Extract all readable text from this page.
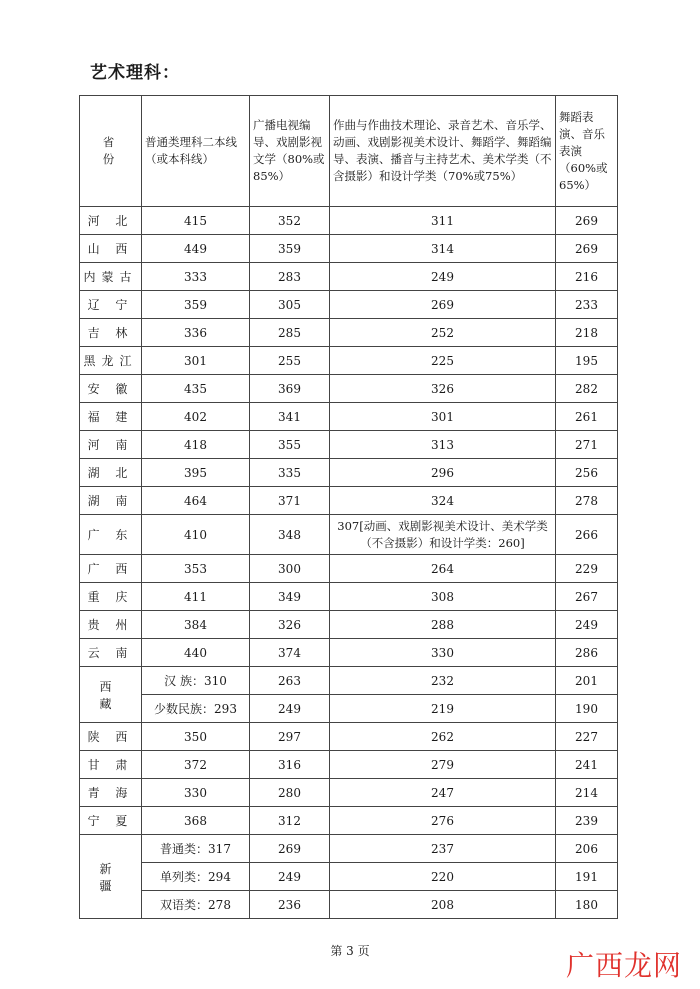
艺术理科：
省 份	普通类理科二本线（或本科线）	广播电视编导、戏剧影视文学（80%或85%）	作曲与作曲技术理论、录音艺术、音乐学、动画、戏剧影视美术设计、舞蹈学、舞蹈编导、表演、播音与主持艺术、美术学类（不含摄影）和设计学类（70%或75%）	舞蹈表演、音乐表演（60%或65%）
河 北	415	352	311	269
山 西	449	359	314	269
内蒙古	333	283	249	216
辽 宁	359	305	269	233
吉 林	336	285	252	218
黑龙江	301	255	225	195
安 徽	435	369	326	282
福 建	402	341	301	261
河 南	418	355	313	271
湖 北	395	335	296	256
湖 南	464	371	324	278
广 东	410	348	307[动画、戏剧影视美术设计、美术学类（不含摄影）和设计学类：260]	266
广 西	353	300	264	229
重 庆	411	349	308	267
贵 州	384	326	288	249
云 南	440	374	330	286
西 藏	汉 族：310	263	232	201
	少数民族：293	249	219	190
陕 西	350	297	262	227
甘 肃	372	316	279	241
青 海	330	280	247	214
宁 夏	368	312	276	239
新 疆	普通类：317	269	237	206
	单列类：294	249	220	191
	双语类：278	236	208	180
第 3 页	广西龙网
